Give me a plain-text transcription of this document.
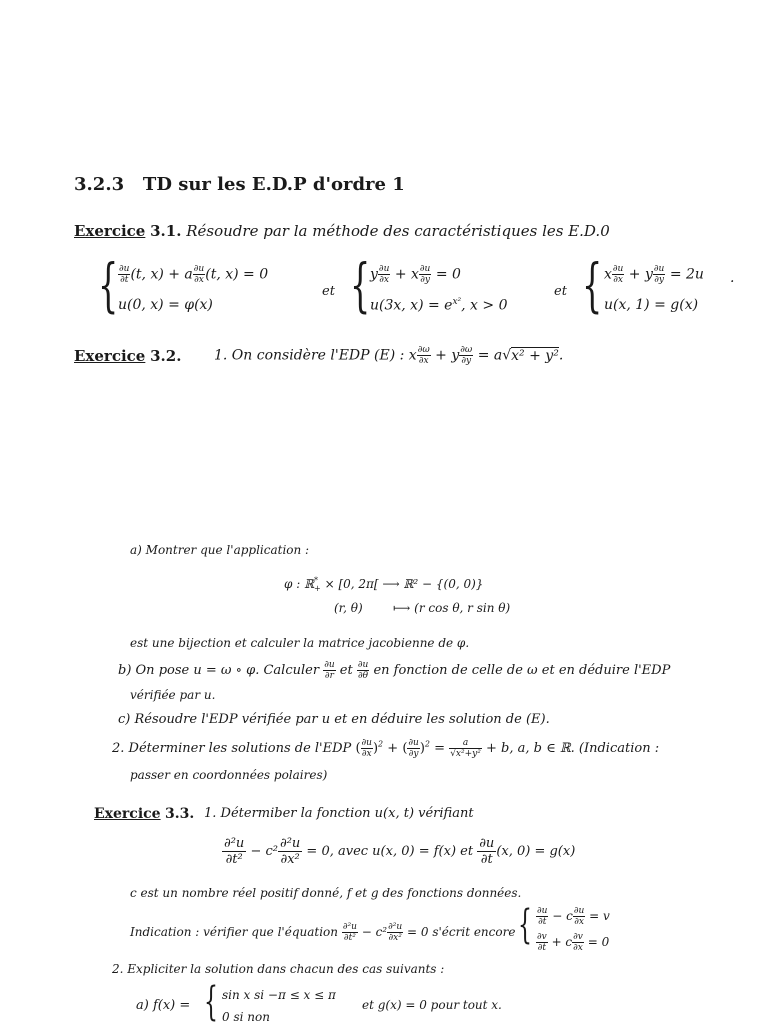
3.2.3 TD sur les E.D.P d'ordre 1
Exercice 3.1. Résoudre par la méthode des caractéristiques les E.D.0
{ $\frac{\partial u}{\partial t} (t$, x) + a $\frac{\partial u}{\partial x} (t$, x) = 0
u(0, x) = φ(x)
et { y $\frac{\partial u}{\partial x} + x \frac{\partial u}{\partial y} = 0$
u(3x, $x) = e^{x^2}$, x > 0
et { x $\frac{\partial u}{\partial x} + y \frac{\partial u}{\partial y} = 2u$
u(x, 1) = g(x)
.
Exercice 3.2. 1. On considère l'EDP (E) : x $\frac{\partial\omega}{\partial x} + y \frac{\partial\omega}{\partial y} = a√x^2 + y^2$.
a) Montrer que l'application :
φ : ℝ*$_+$ × [0, 2π[ ⟶ ℝ² − {(0, 0)}
(r, θ)	⟼ (r cos θ, r sin θ)
est une bijection et calculer la matrice jacobienne de φ.
b) On pose u = ω ∘ φ. Calculer $\frac{\partial u}{\partial r}$ et $\frac{\partial u}{\partial\theta}$ en fonction de celle de ω et en déduire l'EDP
vérifiée par u.
c) Résoudre l'EDP vérifiée par u et en déduire les solution de (E).
2. Déterminer les solutions de l'EDP ( $\frac{\partial u}{\partial x} )^2$ + ( $\frac{\partial u}{\partial y} )^2 = \frac{a}{\text{√x²+y²}} + b$, a, b ∈ ℝ. (Indication :
passer en coordonnées polaires)
Exercice 3.3. 1. Détermiber la fonction u(x, t) vérifiant
$\frac{\text{∂²u}}{\text{∂t²}} - c^2 \frac{\text{∂²u}}{\text{∂x²}} = 0$, avec u(x, 0) = f(x) et $\frac{\partial u}{\partial t} (x$, 0) = g(x)
c est un nombre réel positif donné, f et g des fonctions données.
Indication : vérifier que l'équation $\frac{\text{∂²u}}{\text{∂t²}} - c^2 \frac{\text{∂²u}}{\text{∂x²}} = 0$ s'écrit encore { $\frac{\partial u}{\partial t} - c \frac{\partial u}{\partial x} = v$
$\frac{\partial v}{\partial t} + c \frac{\partial v}{\partial x} = 0$
2. Expliciter la solution dans chacun des cas suivants :
a) f(x) = { sin x si −π ≤ x ≤ π
0 si non
et g(x) = 0 pour tout x.
